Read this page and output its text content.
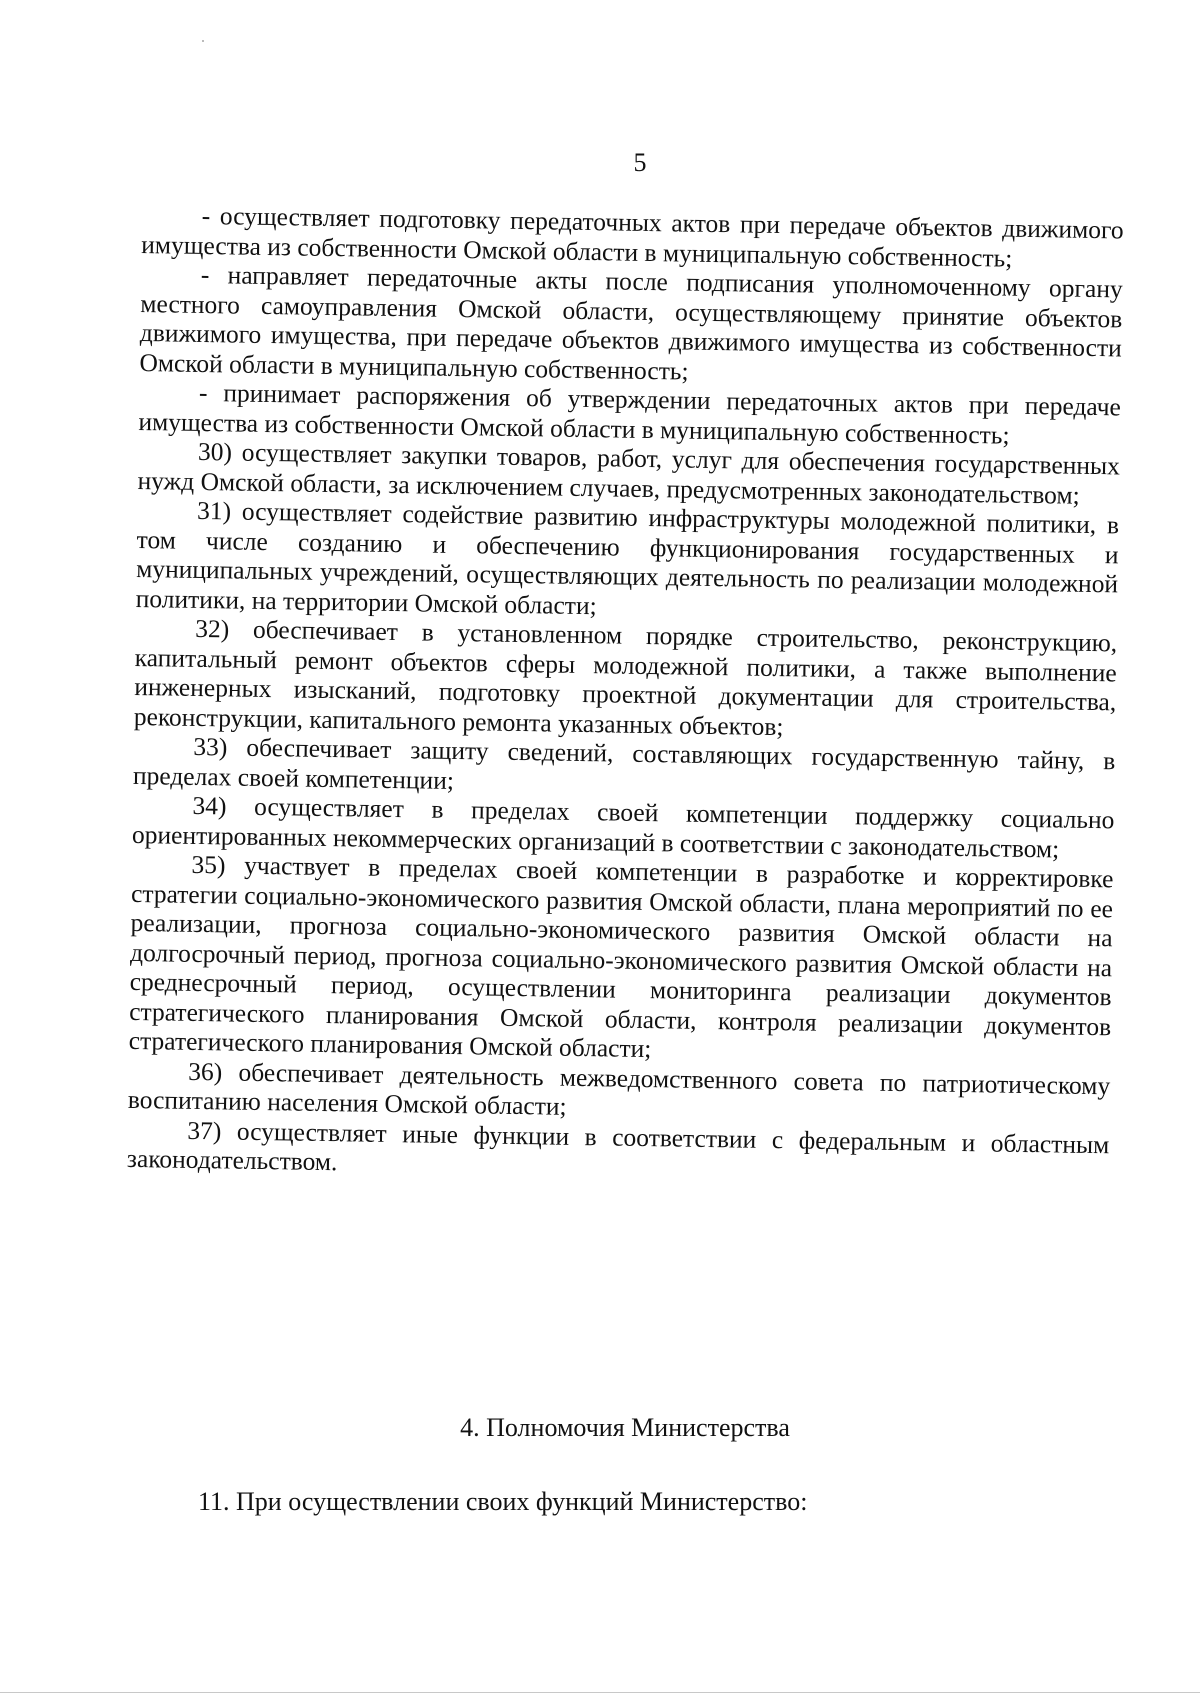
5

- осуществляет подготовку передаточных актов при передаче объектов движимого имущества из собственности Омской области в муниципальную собственность;

- направляет передаточные акты после подписания уполномоченному органу местного самоуправления Омской области, осуществляющему принятие объектов движимого имущества, при передаче объектов движимого имущества из собственности Омской области в муниципальную собственность;

- принимает распоряжения об утверждении передаточных актов при передаче имущества из собственности Омской области в муниципальную собственность;

30) осуществляет закупки товаров, работ, услуг для обеспечения государственных нужд Омской области, за исключением случаев, предусмотренных законодательством;

31) осуществляет содействие развитию инфраструктуры молодежной политики, в том числе созданию и обеспечению функционирования государственных и муниципальных учреждений, осуществляющих деятельность по реализации молодежной политики, на территории Омской области;

32) обеспечивает в установленном порядке строительство, реконструкцию, капитальный ремонт объектов сферы молодежной политики, а также выполнение инженерных изысканий, подготовку проектной документации для строительства, реконструкции, капитального ремонта указанных объектов;

33) обеспечивает защиту сведений, составляющих государственную тайну, в пределах своей компетенции;

34) осуществляет в пределах своей компетенции поддержку социально ориентированных некоммерческих организаций в соответствии с законодательством;

35) участвует в пределах своей компетенции в разработке и корректировке стратегии социально-экономического развития Омской области, плана мероприятий по ее реализации, прогноза социально-экономического развития Омской области на долгосрочный период, прогноза социально-экономического развития Омской области на среднесрочный период, осуществлении мониторинга реализации документов стратегического планирования Омской области, контроля реализации документов стратегического планирования Омской области;

36) обеспечивает деятельность межведомственного совета по патриотическому воспитанию населения Омской области;

37) осуществляет иные функции в соответствии с федеральным и областным законодательством.

4. Полномочия Министерства
11. При осуществлении своих функций Министерство:
